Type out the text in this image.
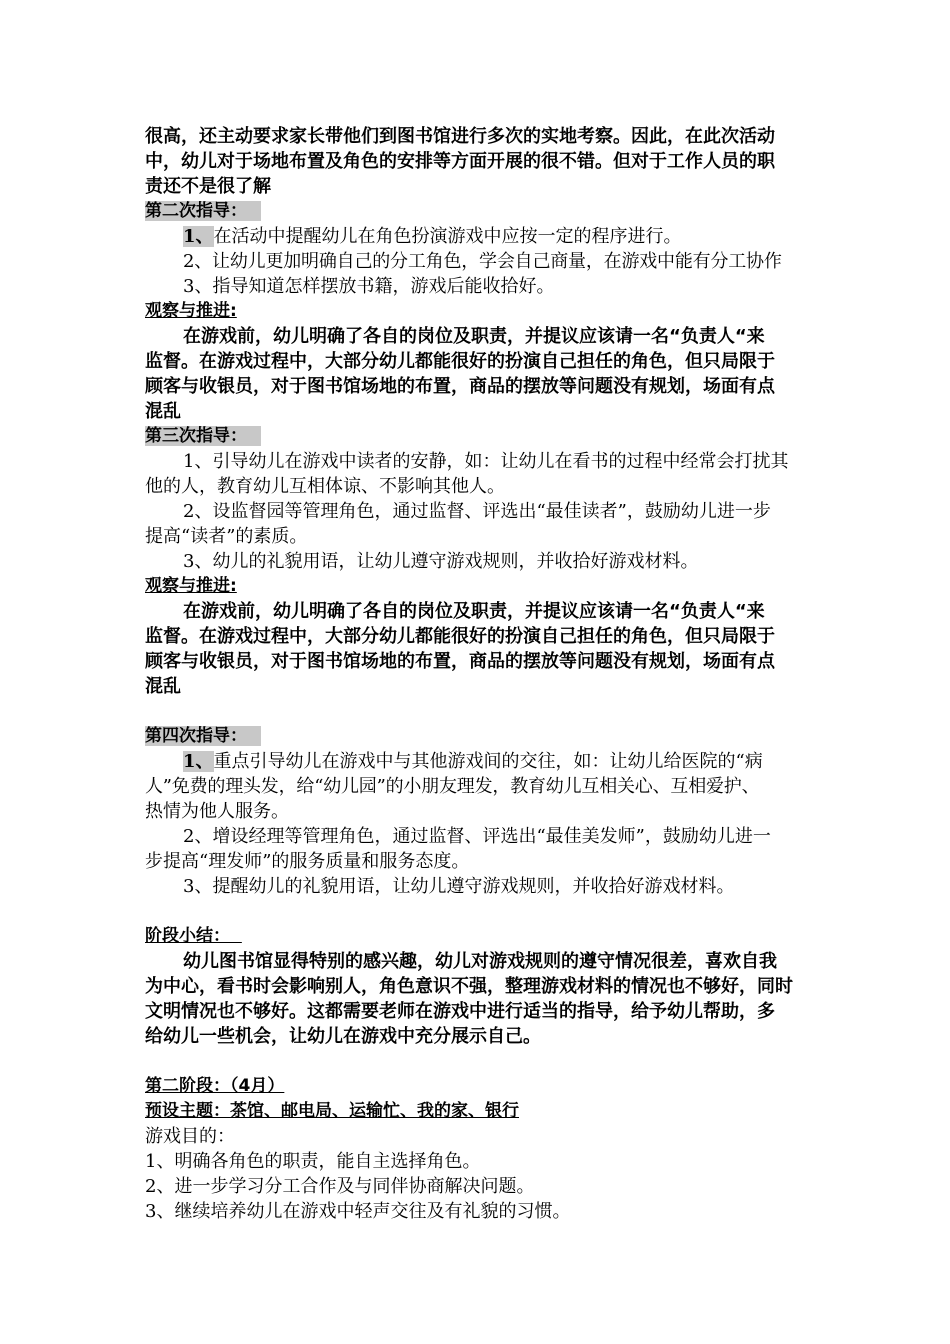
很高，还主动要求家长带他们到图书馆进行多次的实地考察。因此，在此次活动

中，幼儿对于场地布置及角色的安排等方面开展的很不错。但对于工作人员的职

责还不是很了解

第二次指导：

1、在活动中提醒幼儿在角色扮演游戏中应按一定的程序进行。

2、让幼儿更加明确自己的分工角色，学会自己商量，在游戏中能有分工协作

3、指导知道怎样摆放书籍，游戏后能收拾好。

观察与推进:

在游戏前，幼儿明确了各自的岗位及职责，并提议应该请一名“负责人“来

监督。在游戏过程中，大部分幼儿都能很好的扮演自己担任的角色，但只局限于

顾客与收银员，对于图书馆场地的布置，商品的摆放等问题没有规划，场面有点

混乱

第三次指导：

1、引导幼儿在游戏中读者的安静，如：让幼儿在看书的过程中经常会打扰其

他的人，教育幼儿互相体谅、不影响其他人。

2、设监督园等管理角色，通过监督、评选出“最佳读者”，鼓励幼儿进一步

提高“读者”的素质。

3、幼儿的礼貌用语，让幼儿遵守游戏规则，并收拾好游戏材料。

观察与推进:

在游戏前，幼儿明确了各自的岗位及职责，并提议应该请一名“负责人“来

监督。在游戏过程中，大部分幼儿都能很好的扮演自己担任的角色，但只局限于

顾客与收银员，对于图书馆场地的布置，商品的摆放等问题没有规划，场面有点

混乱

第四次指导：

1、重点引导幼儿在游戏中与其他游戏间的交往，如：让幼儿给医院的“病

人”免费的理头发，给“幼儿园”的小朋友理发，教育幼儿互相关心、互相爱护、

热情为他人服务。

2、增设经理等管理角色，通过监督、评选出“最佳美发师”，鼓励幼儿进一

步提高“理发师”的服务质量和服务态度。

3、提醒幼儿的礼貌用语，让幼儿遵守游戏规则，并收拾好游戏材料。

阶段小结：

幼儿图书馆显得特别的感兴趣，幼儿对游戏规则的遵守情况很差，喜欢自我

为中心，看书时会影响别人，角色意识不强，整理游戏材料的情况也不够好，同时

文明情况也不够好。这都需要老师在游戏中进行适当的指导，给予幼儿帮助，多

给幼儿一些机会，让幼儿在游戏中充分展示自己。

第二阶段：（4月）

预设主题：茶馆、邮电局、运输忙、我的家、银行

游戏目的：

1、明确各角色的职责，能自主选择角色。

2、进一步学习分工合作及与同伴协商解决问题。

3、继续培养幼儿在游戏中轻声交往及有礼貌的习惯。
